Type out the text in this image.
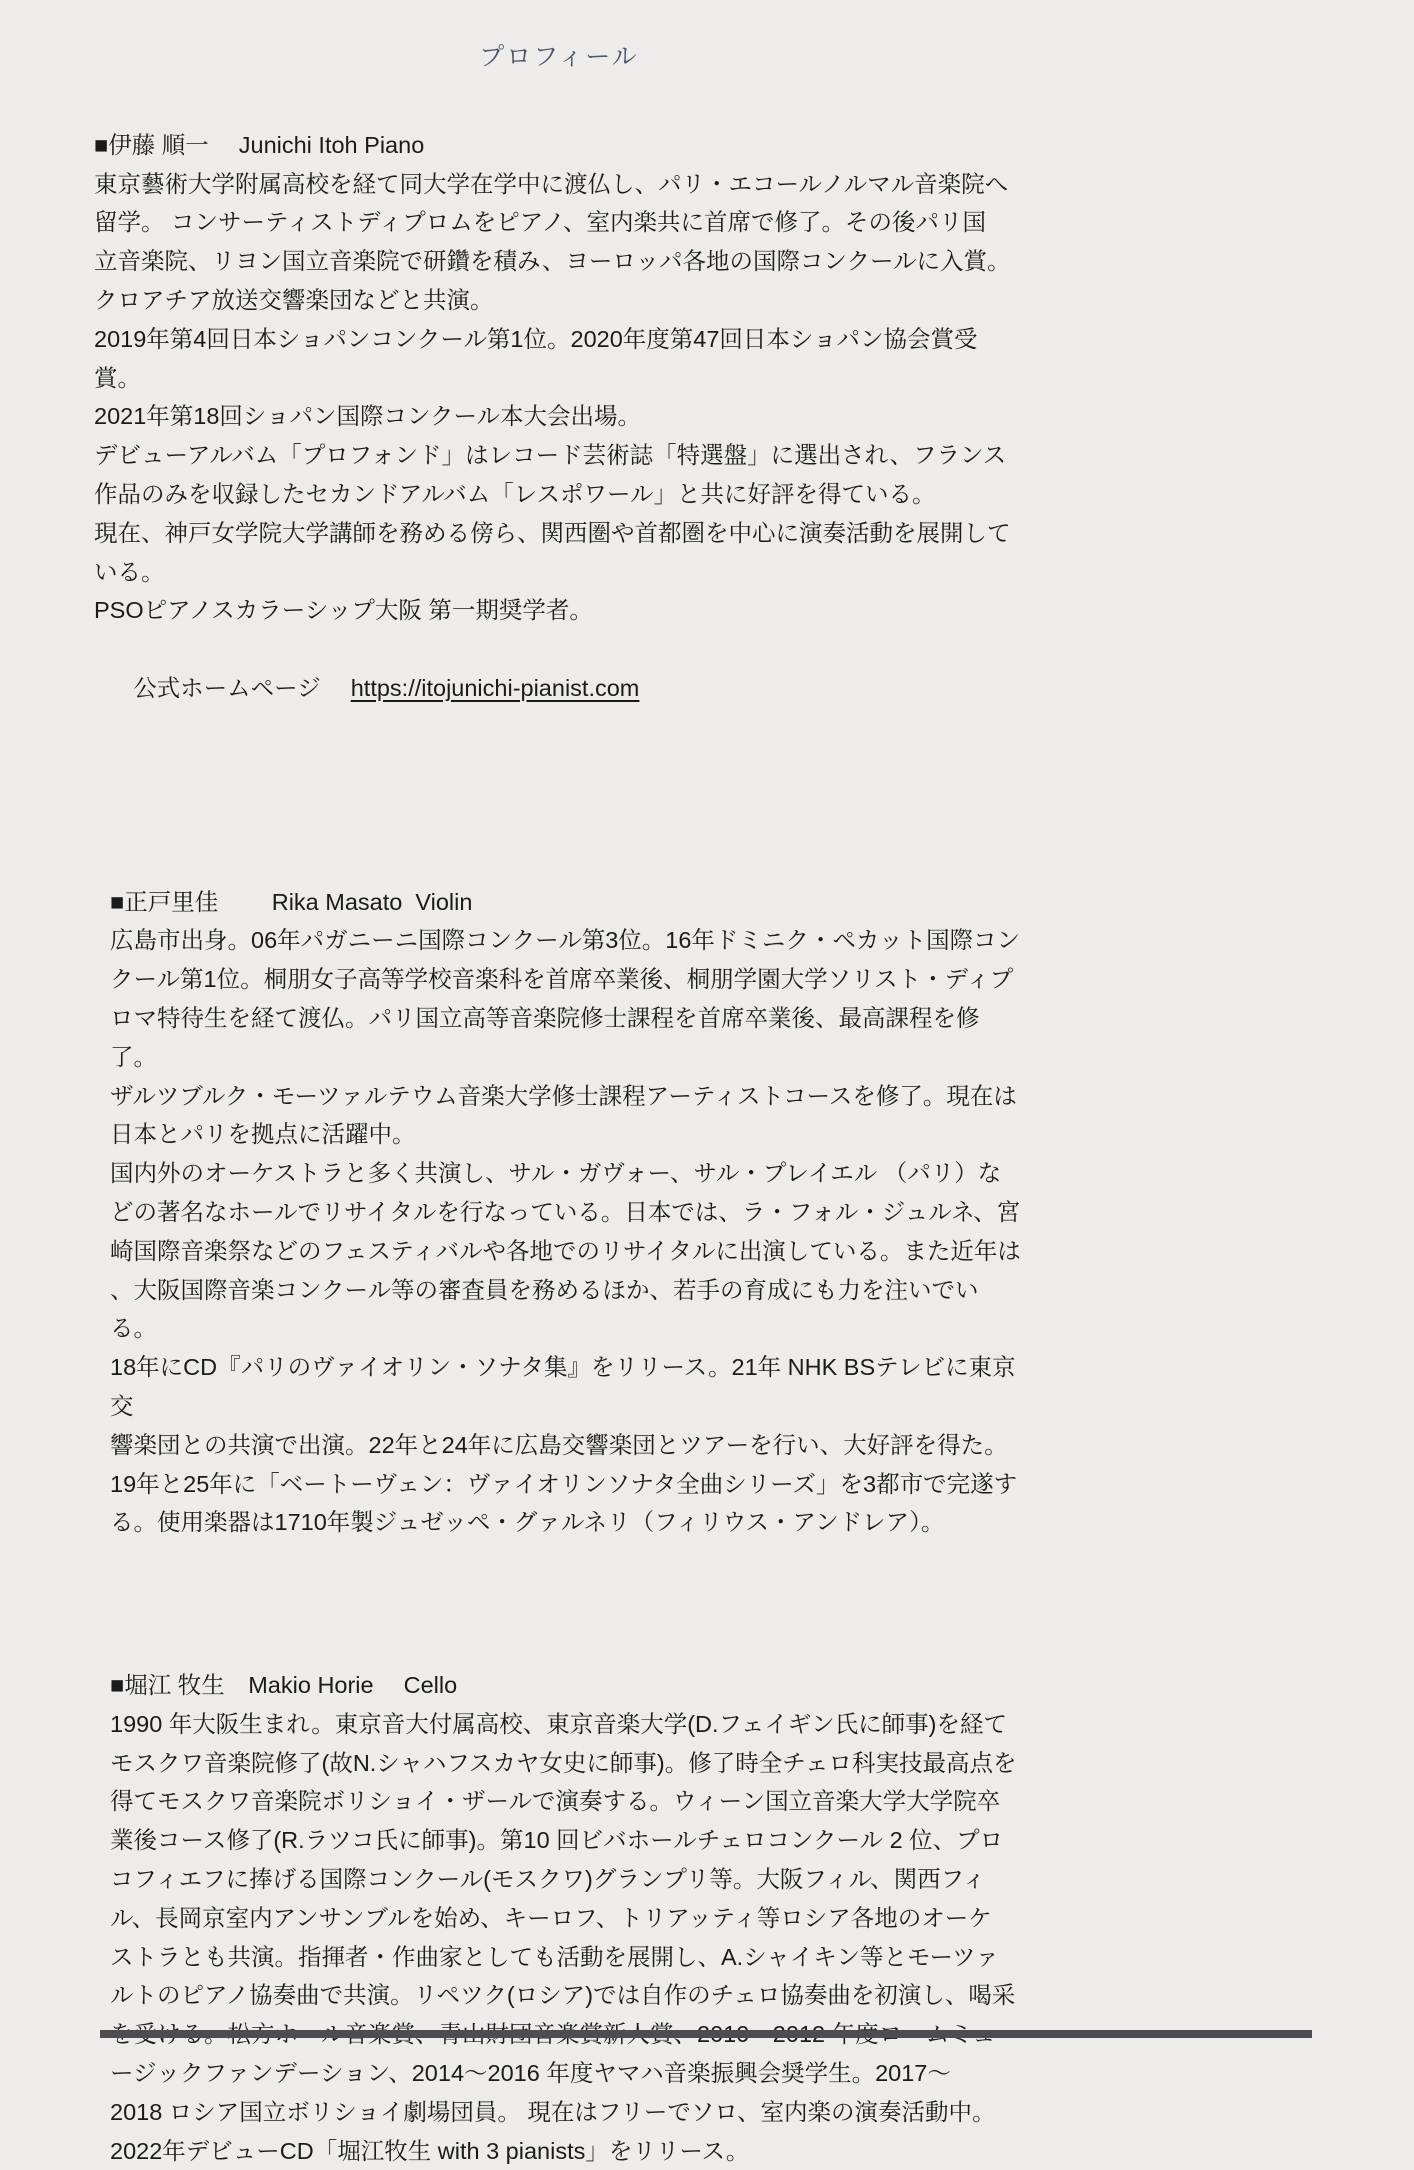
プロフィール
■伊藤 順一　 Junichi Itoh Piano
東京藝術大学附属高校を経て同大学在学中に渡仏し、パリ・エコールノルマル音楽院へ
留学。 コンサーティストディプロムをピアノ、室内楽共に首席で修了。その後パリ国
立音楽院、リヨン国立音楽院で研鑽を積み、ヨーロッパ各地の国際コンクールに入賞。
クロアチア放送交響楽団などと共演。
2019年第4回日本ショパンコンクール第1位。2020年度第47回日本ショパン協会賞受賞。
2021年第18回ショパン国際コンクール本大会出場。
デビューアルバム「プロフォンド」はレコード芸術誌「特選盤」に選出され、フランス
作品のみを収録したセカンドアルバム「レスポワール」と共に好評を得ている。
現在、神戸女学院大学講師を務める傍ら、関西圏や首都圏を中心に演奏活動を展開して
いる。
PSOピアノスカラーシップ大阪 第一期奨学者。

公式ホームページ https://itojunichi-pianist.com

■正戸里佳　　 Rika Masato  Violin
広島市出身。06年パガニーニ国際コンクール第3位。16年ドミニク・ペカット国際コン
クール第1位。桐朋女子高等学校音楽科を首席卒業後、桐朋学園大学ソリスト・ディプ
ロマ特待生を経て渡仏。パリ国立高等音楽院修士課程を首席卒業後、最高課程を修了。
ザルツブルク・モーツァルテウム音楽大学修士課程アーティストコースを修了。現在は
日本とパリを拠点に活躍中。
国内外のオーケストラと多く共演し、サル・ガヴォー、サル・プレイエル （パリ）な
どの著名なホールでリサイタルを行なっている。日本では、ラ・フォル・ジュルネ、宮
崎国際音楽祭などのフェスティバルや各地でのリサイタルに出演している。また近年は
、大阪国際音楽コンクール等の審査員を務めるほか、若手の育成にも力を注いでいる。
18年にCD『パリのヴァイオリン・ソナタ集』をリリース。21年 NHK BSテレビに東京交
響楽団との共演で出演。22年と24年に広島交響楽団とツアーを行い、大好評を得た。
19年と25年に「ベートーヴェン：ヴァイオリンソナタ全曲シリーズ」を3都市で完遂す
る。使用楽器は1710年製ジュゼッペ・グァルネリ（フィリウス・アンドレア）。
■堀江 牧生　Makio Horie　 Cello
1990 年大阪生まれ。東京音大付属高校、東京音楽大学(D.フェイギン氏に師事)を経て
モスクワ音楽院修了(故N.シャハフスカヤ女史に師事)。修了時全チェロ科実技最高点を
得てモスクワ音楽院ボリショイ・ザールで演奏する。ウィーン国立音楽大学大学院卒
業後コース修了(R.ラツコ氏に師事)。第10 回ビバホールチェロコンクール 2 位、プロ
コフィエフに捧げる国際コンクール(モスクワ)グランプリ等。大阪フィル、関西フィ
ル、長岡京室内アンサンブルを始め、キーロフ、トリアッティ等ロシア各地のオーケ
ストラとも共演。指揮者・作曲家としても活動を展開し、A.シャイキン等とモーツァ
ルトのピアノ協奏曲で共演。リペツク(ロシア)では自作のチェロ協奏曲を初演し、喝采
ージックファンデーション、2014〜2016 年度ヤマハ音楽振興会奨学生。2017〜
2018 ロシア国立ボリショイ劇場団員。 現在はフリーでソロ、室内楽の演奏活動中。
2022年デビューCD「堀江牧生 with 3 pianists」をリリース。
